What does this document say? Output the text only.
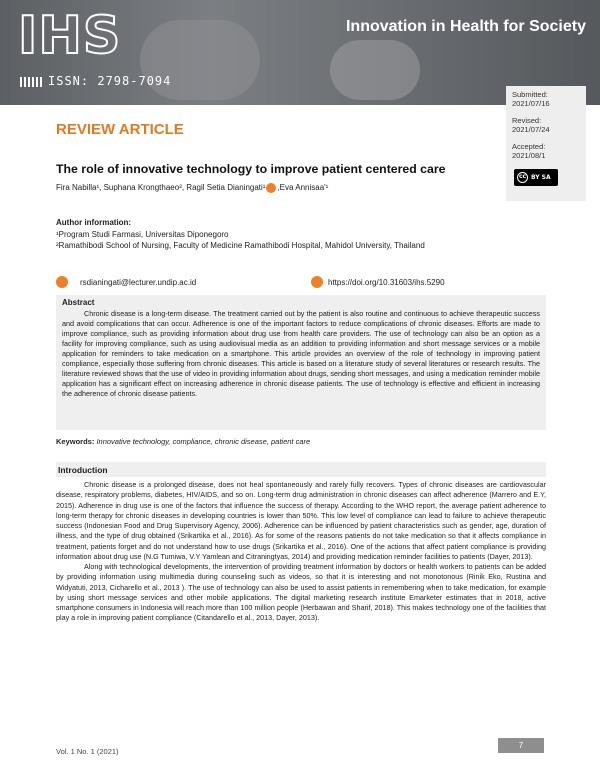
IHS
ISSN: 2798-7094
Innovation in Health for Society
Submitted:
2021/07/16
Revised:
2021/07/24
Accepted:
2021/08/1
cc BY SA
REVIEW ARTICLE
The role of innovative technology to improve patient centered care
Fira Nabilla¹, Suphana Krongthaeo², Ragil Setia Dianingati¹ ,Eva Annisaa'¹
Author information:
¹Program Studi Farmasi, Universitas Diponegoro
²Ramathibodi School of Nursing, Faculty of Medicine Ramathibodi Hospital, Mahidol University, Thailand
rsdianingati@lecturer.undip.ac.id	https://doi.org/10.31603/ihs.5290
Abstract

Chronic disease is a long-term disease. The treatment carried out by the patient is also routine and continuous to achieve therapeutic success and avoid complications that can occur. Adherence is one of the important factors to reduce complications of chronic diseases. Efforts are made to improve compliance, such as providing information about drug use from health care providers. The use of technology can also be an option as a facility for improving compliance, such as using audiovisual media as an addition to providing information and short message services or a mobile application for reminders to take medication on a smartphone. This article provides an overview of the role of technology in improving patient compliance, especially those suffering from chronic diseases. This article is based on a literature study of several literatures or research results. The literature reviewed shows that the use of video in providing information about drugs, sending short messages, and using a medication reminder mobile application has a significant effect on increasing adherence in chronic disease patients. The use of technology is effective and efficient in increasing the adherence of chronic disease patients.

Keywords: Innovative technology, compliance, chronic disease, patient care
Introduction

Chronic disease is a prolonged disease, does not heal spontaneously and rarely fully recovers. Types of chronic diseases are cardiovascular disease, respiratory problems, diabetes, HIV/AIDS, and so on. Long-term drug administration in chronic diseases can affect adherence (Marrero and E.Y, 2015). Adherence in drug use is one of the factors that influence the success of therapy. According to the WHO report, the average patient adherence to long-term therapy for chronic diseases in developing countries is lower than 50%. This low level of compliance can lead to failure to achieve therapeutic success (Indonesian Food and Drug Supervisory Agency, 2006). Adherence can be influenced by patient characteristics such as gender, age, duration of illness, and the type of drug obtained (Srikartika et al., 2016). As for some of the reasons patients do not take medication so that it affects compliance in treatment, patients forget and do not understand how to use drugs (Srikartika et al., 2016). One of the actions that affect patient compliance is providing information about drug use (N.G Tumiwa, V.Y Yamlean and Citraningtyas, 2014) and providing medication reminder facilities to patients (Dayer, 2013).

Along with technological developments, the intervention of providing treatment information by doctors or health workers to patients can be added by providing information using multimedia during counseling such as videos, so that it is interesting and not monotonous (Rinik Eko, Rustina and Widyatuti, 2013, Cicharello et al., 2013 ). The use of technology can also be used to assist patients in remembering when to take medication, for example by using short message services and other mobile applications. The digital marketing research institute Emarketer estimates that in 2018, active smartphone consumers in Indonesia will reach more than 100 million people (Herbawan and Sharif, 2018). This makes technology one of the facilities that play a role in improving patient compliance (Citandarello et al., 2013, Dayer, 2013).

Vol. 1 No. 1 (2021)
7
